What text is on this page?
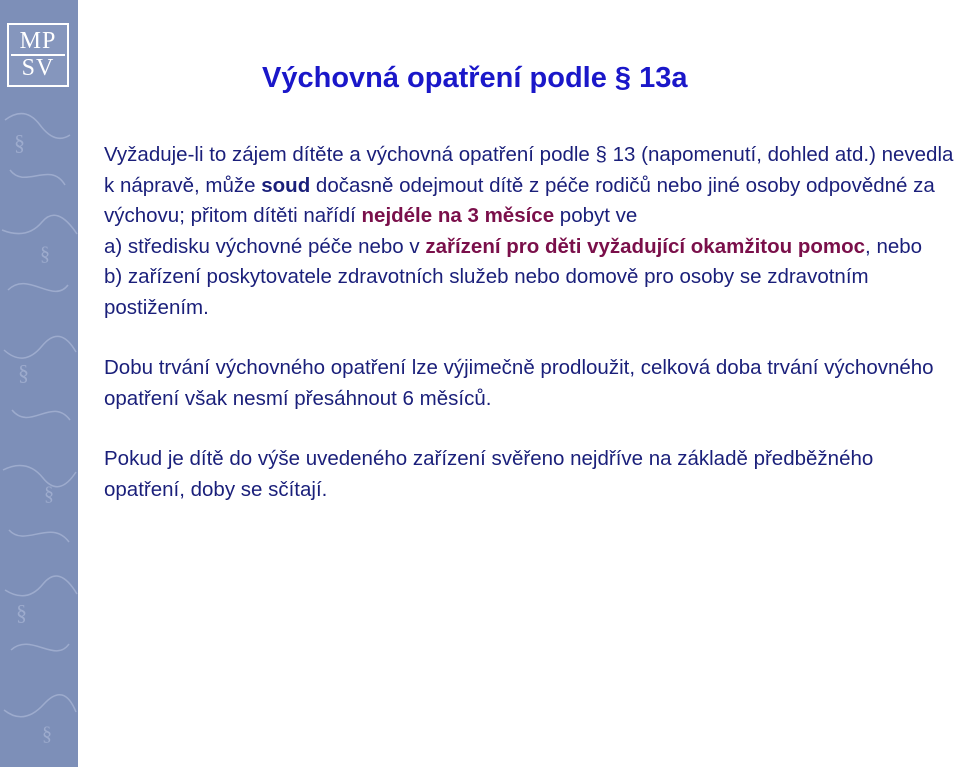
§
§
§
§
§
§
MP
SV	Výchovná opatření podle § 13a

Vyžaduje-li to zájem dítěte a výchovná opatření podle § 13 (napomenutí, dohled atd.) nevedla k nápravě, může soud dočasně odejmout dítě z péče rodičů nebo jiné osoby odpovědné za výchovu; přitom dítěti nařídí nejdéle na 3 měsíce pobyt ve

a) středisku výchovné péče nebo v zařízení pro děti vyžadující okamžitou pomoc, nebo

b) zařízení poskytovatele zdravotních služeb nebo domově pro osoby se zdravotním postižením.

Dobu trvání výchovného opatření lze výjimečně prodloužit, celková doba trvání výchovného opatření však nesmí přesáhnout 6 měsíců.

Pokud je dítě do výše uvedeného zařízení svěřeno nejdříve na základě předběžného opatření, doby se sčítají.
